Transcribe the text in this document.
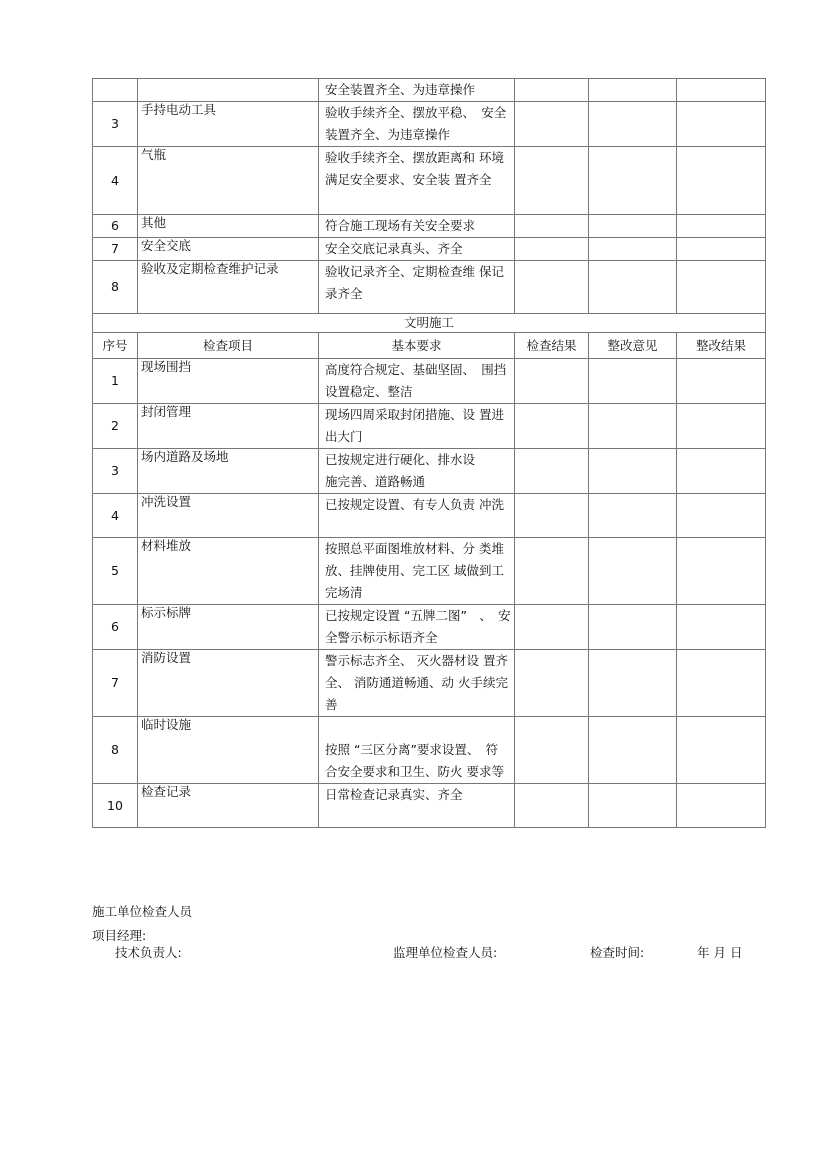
		安全装置齐全、为违章操作			

3	手持电动工具	验收手续齐全、摆放平稳、　安全
装置齐全、为违章操作			

4	气瓶	验收手续齐全、摆放距离和 环境
满足安全要求、安全装 置齐全			

6	其他	符合施工现场有关安全要求			

7	安全交底	安全交底记录真头、齐全			

8	验收及定期检查维护记录	验收记录齐全、定期检查维 保记
录齐全			

文明施工					
序号	检查项目	基本要求	检查结果	整改意见	整改结果
1	现场围挡	高度符合规定、基础坚固、　围挡
设置稳定、整洁			

2	封闭管理	现场四周采取封闭措施、设 置进
出大门			

3	场内道路及场地	已按规定进行硬化、排水设
施完善、道路畅通			

4	冲洗设置	已按规定设置、有专人负责 冲洗			

5	材料堆放	按照总平面图堆放材料、分 类堆
放、挂牌使用、完工区 域做到工
完场清			

6	标示标牌	已按规定设置 “五牌二图”　、　安
全警示标示标语齐全			

7	消防设置	警示标志齐全、 灭火器材设 置齐
全、 消防通道畅通、动 火手续完
善			

8	临时设施	按照 “三区分离”要求设置、　符
合安全要求和卫生、防火 要求等			

10	检查记录	日常检查记录真实、齐全			

施工单位检查人员
项目经理:
技术负责人:	监理单位检查人员:	检查时间:	年 月 日
